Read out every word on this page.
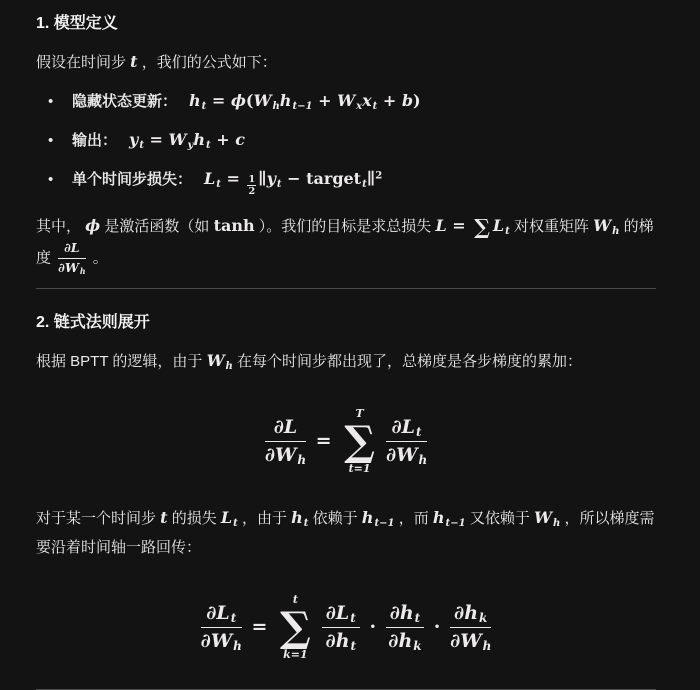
1. 模型定义

假设在时间步 t ，我们的公式如下：

•	隐藏状态更新： $h_t = \phi(W_hh_{t-1} + W_xx_t + b)$
•	输出： $y_t = W_yh_t + c$
•	单个时间步损失： $L_t = \frac{1}{2}$ $\parallel y_t$ − target$_t$∥$^2$

其中， ϕ 是激活函数（如 tanh ）。我们的目标是求总损失 L = ∑ $L_t$ 对权重矩阵 $W_h$ 的梯度 $\frac{\partial L}{\partial W_h}$ 。

2. 链式法则展开

根据 BPTT 的逻辑，由于 $W_h$ 在每个时间步都出现了，总梯度是各步梯度的累加：

$\frac{\partial L}{\partial W_h}$ =
T
∑
t=1
$\frac{\partial L_t}{\partial W_h}$

对于某一个时间步 t 的损失 $L_t$ ，由于 $h_t$ 依赖于 $h_{t-1}$ ，而 $h_{t-1}$ 又依赖于 $W_h$ ，所以梯度需要沿着时间轴一路回传：

$\frac{\partial L_t}{\partial W_h}$ =
t
∑
k=1
$\frac{\partial L_t}{\partial h_t} \cdot \frac{\partial h_t}{\partial h_k} \cdot \frac{\partial h_k}{\partial W_h}$
